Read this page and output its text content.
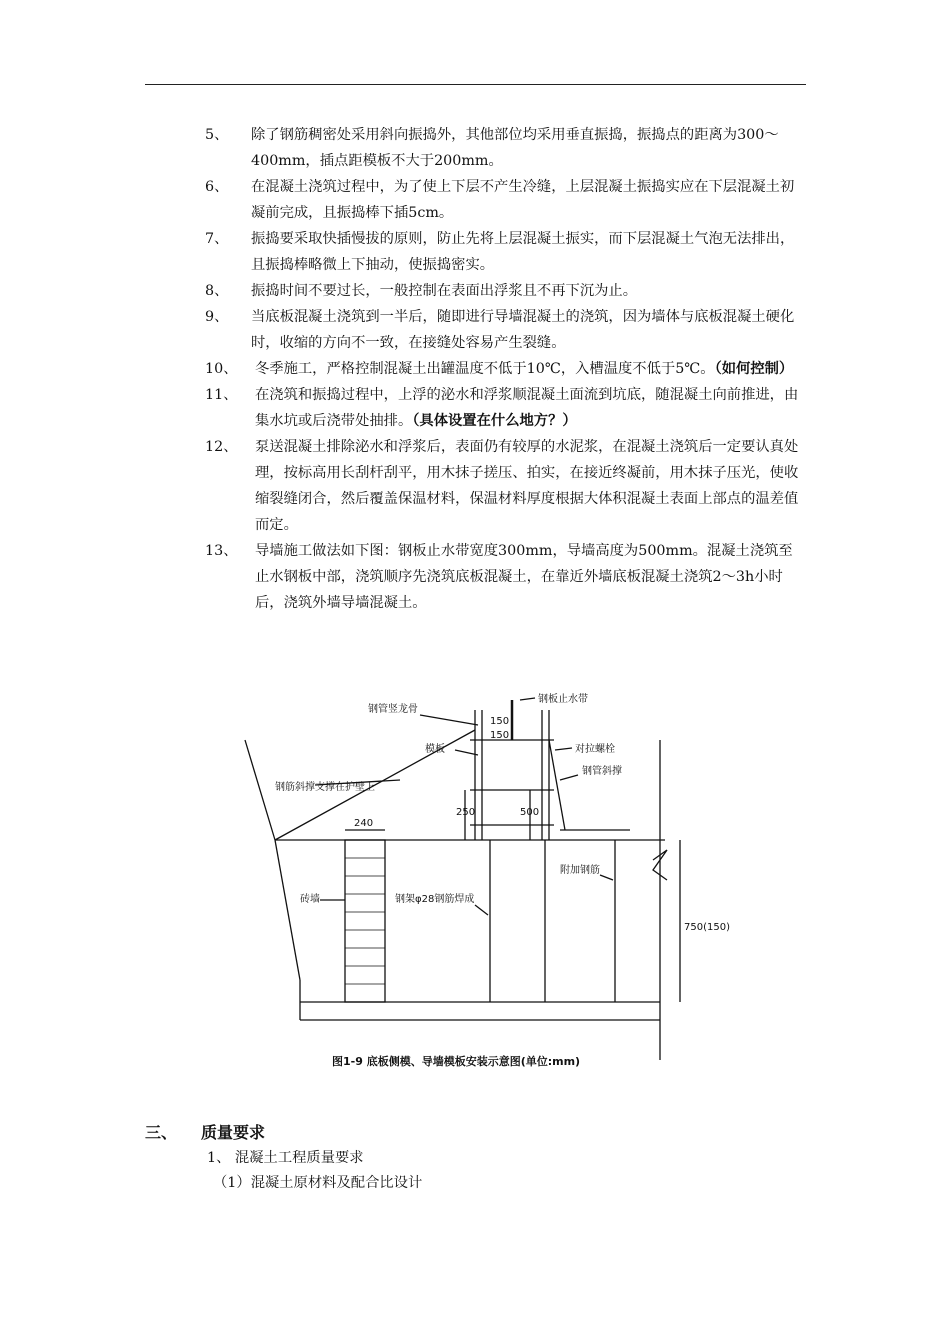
5、 除了钢筋稠密处采用斜向振捣外，其他部位均采用垂直振捣，振捣点的距离为300～400mm，插点距模板不大于200mm。
6、 在混凝土浇筑过程中，为了使上下层不产生冷缝，上层混凝土振捣实应在下层混凝土初凝前完成，且振捣棒下插5cm。
7、 振捣要采取快插慢拔的原则，防止先将上层混凝土振实，而下层混凝土气泡无法排出，且振捣棒略微上下抽动，使振捣密实。
8、 振捣时间不要过长，一般控制在表面出浮浆且不再下沉为止。
9、 当底板混凝土浇筑到一半后，随即进行导墙混凝土的浇筑，因为墙体与底板混凝土硬化时，收缩的方向不一致，在接缝处容易产生裂缝。
10、 冬季施工，严格控制混凝土出罐温度不低于10℃，入槽温度不低于5℃。（如何控制）
11、 在浇筑和振捣过程中，上浮的泌水和浮浆顺混凝土面流到坑底，随混凝土向前推进，由集水坑或后浇带处抽排。（具体设置在什么地方？）
12、 泵送混凝土排除泌水和浮浆后，表面仍有较厚的水泥浆，在混凝土浇筑后一定要认真处理，按标高用长刮杆刮平，用木抹子搓压、拍实，在接近终凝前，用木抹子压光，使收缩裂缝闭合，然后覆盖保温材料，保温材料厚度根据大体积混凝土表面上部点的温差值而定。
13、 导墙施工做法如下图：钢板止水带宽度300mm，导墙高度为500mm。混凝土浇筑至止水钢板中部，浇筑顺序先浇筑底板混凝土，在靠近外墙底板混凝土浇筑2～3h小时后，浇筑外墙导墙混凝土。
钢管竖龙骨
钢板止水带
模板	对拉螺栓
钢管斜撑
钢筋斜撑支撑在护壁上
砖墙	钢架φ28钢筋焊成
附加钢筋
240
150
150
250	500
750(150)
图1-9 底板侧模、导墙模板安装示意图(单位:mm)
三、 质量要求
1、 混凝土工程质量要求
（1）混凝土原材料及配合比设计
